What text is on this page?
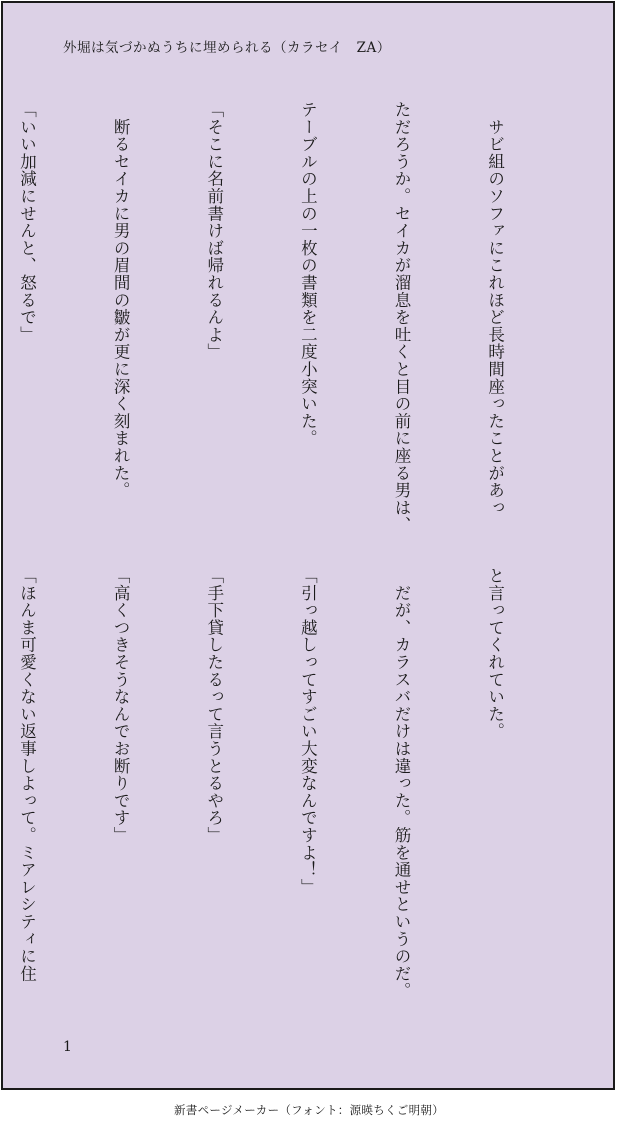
外堀は気づかぬうちに埋められる（カラセイ　ZA）

　サビ組のソファにこれほど長時間座ったことがあっ

ただろうか。セイカが溜息を吐くと目の前に座る男は、

テーブルの上の一枚の書類を二度小突いた。

「そこに名前書けば帰れるんよ」

　断るセイカに男の眉間の皺が更に深く刻まれた。

「いい加減にせんと、怒るで」

と言ってくれていた。

　だが、カラスバだけは違った。筋を通せというのだ。

「引っ越しってすごい大変なんですよ！」

「手下貸したるって言うとるやろ」

「高くつきそうなんでお断りです」

「ほんま可愛くない返事しよって。ミアレシティに住

1
新書ページメーカー（フォント：源暎ちくご明朝）
